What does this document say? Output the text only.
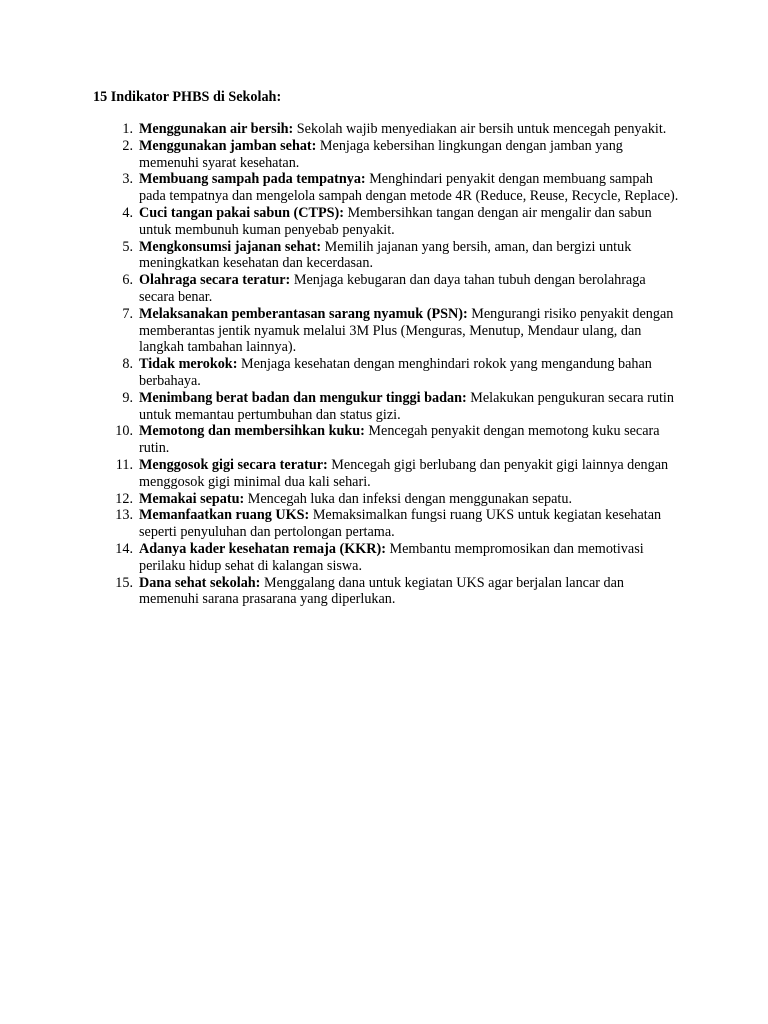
15 Indikator PHBS di Sekolah:
1. Menggunakan air bersih: Sekolah wajib menyediakan air bersih untuk mencegah penyakit.
2. Menggunakan jamban sehat: Menjaga kebersihan lingkungan dengan jamban yang memenuhi syarat kesehatan.
3. Membuang sampah pada tempatnya: Menghindari penyakit dengan membuang sampah pada tempatnya dan mengelola sampah dengan metode 4R (Reduce, Reuse, Recycle, Replace).
4. Cuci tangan pakai sabun (CTPS): Membersihkan tangan dengan air mengalir dan sabun untuk membunuh kuman penyebab penyakit.
5. Mengkonsumsi jajanan sehat: Memilih jajanan yang bersih, aman, dan bergizi untuk meningkatkan kesehatan dan kecerdasan.
6. Olahraga secara teratur: Menjaga kebugaran dan daya tahan tubuh dengan berolahraga secara benar.
7. Melaksanakan pemberantasan sarang nyamuk (PSN): Mengurangi risiko penyakit dengan memberantas jentik nyamuk melalui 3M Plus (Menguras, Menutup, Mendaur ulang, dan langkah tambahan lainnya).
8. Tidak merokok: Menjaga kesehatan dengan menghindari rokok yang mengandung bahan berbahaya.
9. Menimbang berat badan dan mengukur tinggi badan: Melakukan pengukuran secara rutin untuk memantau pertumbuhan dan status gizi.
10. Memotong dan membersihkan kuku: Mencegah penyakit dengan memotong kuku secara rutin.
11. Menggosok gigi secara teratur: Mencegah gigi berlubang dan penyakit gigi lainnya dengan menggosok gigi minimal dua kali sehari.
12. Memakai sepatu: Mencegah luka dan infeksi dengan menggunakan sepatu.
13. Memanfaatkan ruang UKS: Memaksimalkan fungsi ruang UKS untuk kegiatan kesehatan seperti penyuluhan dan pertolongan pertama.
14. Adanya kader kesehatan remaja (KKR): Membantu mempromosikan dan memotivasi perilaku hidup sehat di kalangan siswa.
15. Dana sehat sekolah: Menggalang dana untuk kegiatan UKS agar berjalan lancar dan memenuhi sarana prasarana yang diperlukan.
